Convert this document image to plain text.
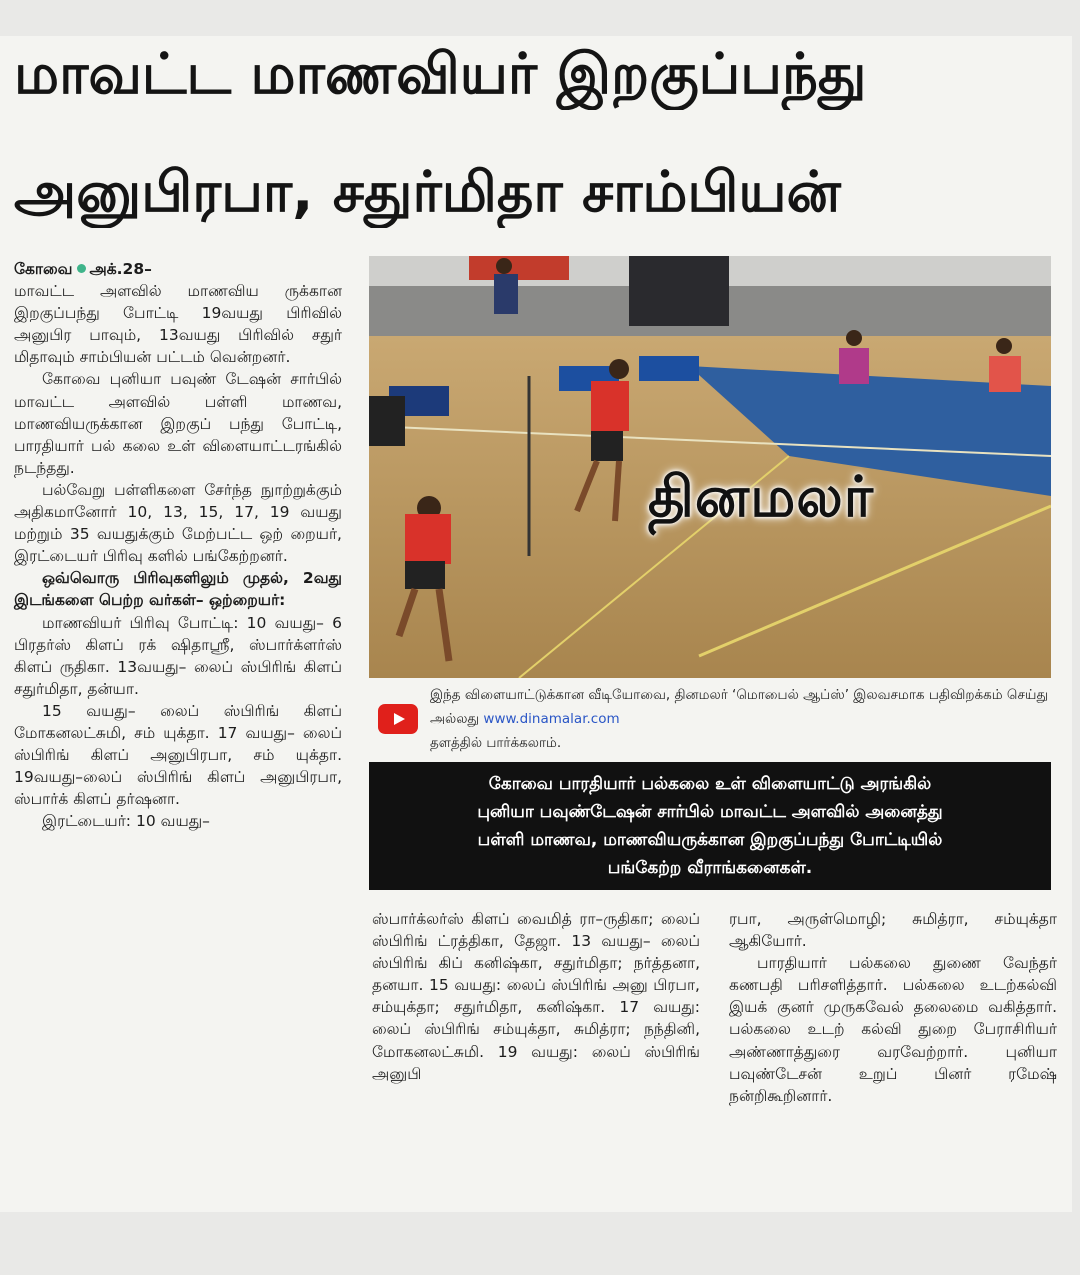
மாவட்ட மாணவியர் இறகுப்பந்து
அனுபிரபா, சதுர்மிதா சாம்பியன்

கோவை அக்.28–

மாவட்ட அளவில் மாணவிய ருக்கான இறகுப்பந்து போட்டி 19வயது பிரிவில் அனுபிர பாவும், 13வயது பிரிவில் சதுர் மிதாவும் சாம்பியன் பட்டம் வென்றனர்.

கோவை புனியா பவுண் டேஷன் சார்பில் மாவட்ட அளவில் பள்ளி மாணவ, மாணவியருக்கான இறகுப் பந்து போட்டி, பாரதியார் பல் கலை உள் விளையாட்டரங்கில் நடந்தது.

பல்வேறு பள்ளிகளை சேர்ந்த நுாற்றுக்கும் அதிகமானோர் 10, 13, 15, 17, 19 வயது மற்றும் 35 வயதுக்கும் மேற்பட்ட ஒற் றையர், இரட்டையர் பிரிவு களில் பங்கேற்றனர்.

ஒவ்வொரு பிரிவுகளிலும் முதல், 2வது இடங்களை பெற்ற வர்கள்– ஒற்றையர்:

மாணவியர் பிரிவு போட்டி: 10 வயது– 6 பிரதர்ஸ் கிளப் ரக் ஷிதாஸ்ரீ, ஸ்பார்க்ளர்ஸ் கிளப் ருதிகா. 13வயது– லைப் ஸ்பிரிங் கிளப் சதுர்மிதா, தன்யா.

15 வயது– லைப் ஸ்பிரிங் கிளப் மோகனலட்சுமி, சம் யுக்தா. 17 வயது– லைப் ஸ்பிரிங் கிளப் அனுபிரபா, சம் யுக்தா. 19வயது–லைப் ஸ்பிரிங் கிளப் அனுபிரபா, ஸ்பார்க் கிளப் தர்ஷனா.

இரட்டையர்: 10 வயது–

தினமலர்
இந்த விளையாட்டுக்கான வீடியோவை, தினமலர் ‘மொபைல் ஆப்ஸ்’ இலவசமாக பதிவிறக்கம் செய்து அல்லது www.dinamalar.com
தளத்தில் பார்க்கலாம்.

கோவை பாரதியார் பல்கலை உள் விளையாட்டு அரங்கில்

புனியா பவுண்டேஷன் சார்பில் மாவட்ட அளவில் அனைத்து

பள்ளி மாணவ, மாணவியருக்கான இறகுப்பந்து போட்டியில்

பங்கேற்ற வீராங்கனைகள்.

ஸ்பார்க்லர்ஸ் கிளப் வைமித் ரா–ருதிகா; லைப் ஸ்பிரிங் ட்ரத்திகா, தேஜா. 13 வயது– லைப் ஸ்பிரிங் கிப் கனிஷ்கா, சதுர்மிதா; நர்த்தனா, தனயா. 15 வயது: லைப் ஸ்பிரிங் அனு பிரபா, சம்யுக்தா; சதுர்மிதா, கனிஷ்கா. 17 வயது: லைப் ஸ்பிரிங் சம்யுக்தா, சுமித்ரா; நந்தினி, மோகனலட்சுமி. 19 வயது: லைப் ஸ்பிரிங் அனுபி

ரபா, அருள்மொழி; சுமித்ரா, சம்யுக்தா ஆகியோர்.

பாரதியார் பல்கலை துணை வேந்தர் கணபதி பரிசளித்தார். பல்கலை உடற்கல்வி இயக் குனர் முருகவேல் தலைமை வகித்தார். பல்கலை உடற் கல்வி துறை பேராசிரியர் அண்ணாத்துரை வரவேற்றார். புனியா பவுண்டேசன் உறுப் பினர் ரமேஷ் நன்றிகூறினார்.
